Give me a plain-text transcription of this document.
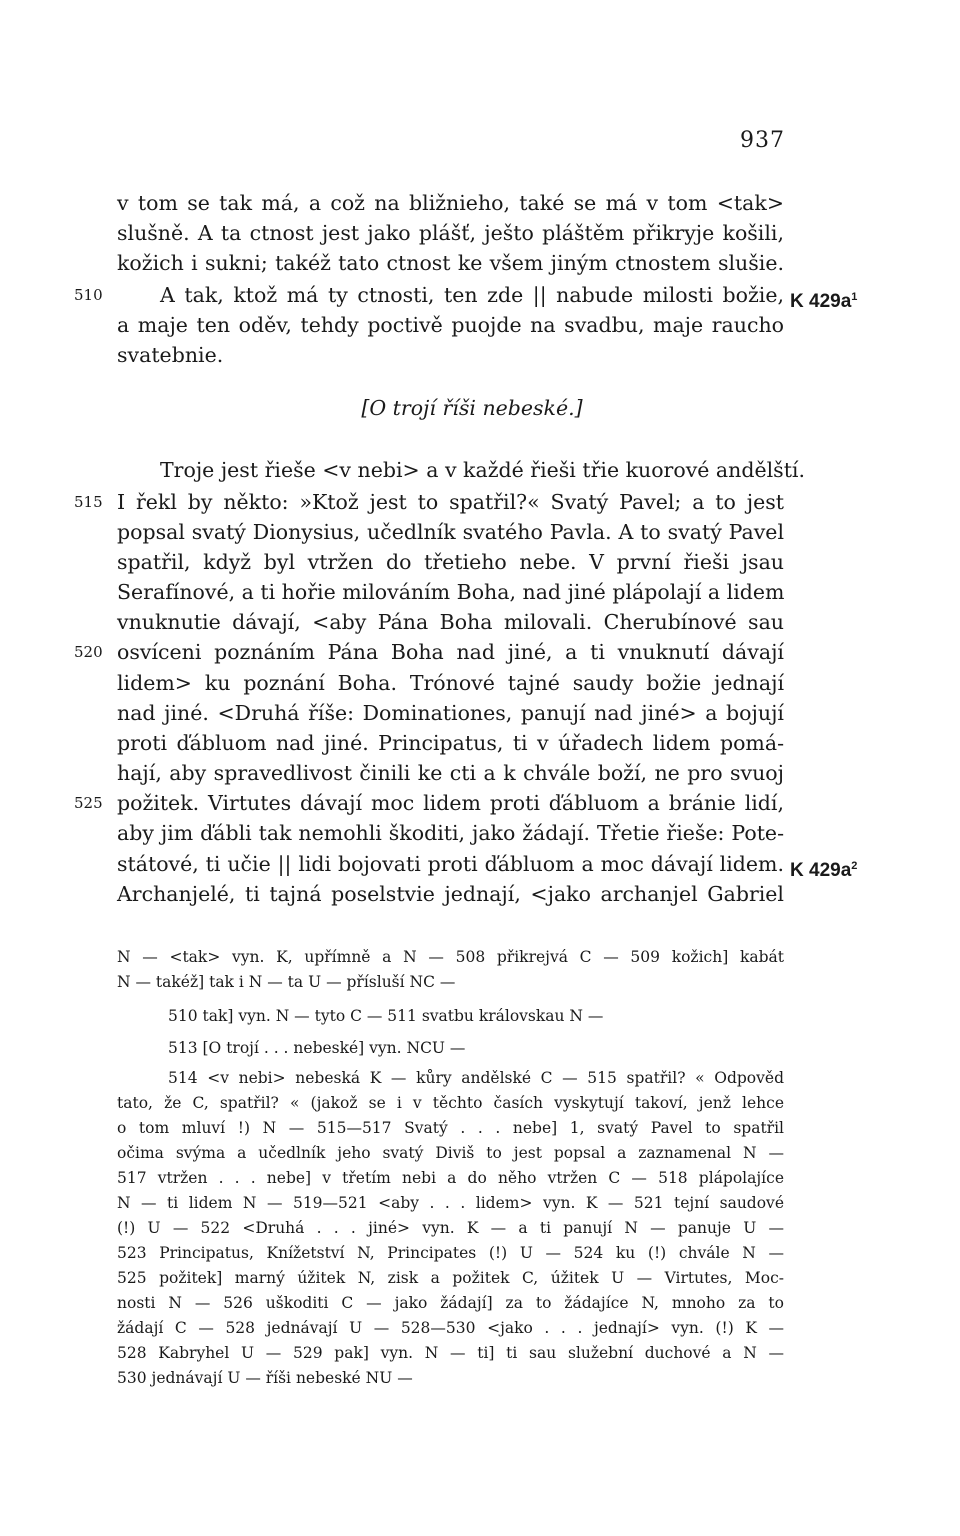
937
v tom se tak má, a což na bližnieho, také se má v tom <tak>
slušně. A ta ctnost jest jako plášť, ješto pláštěm přikryje košili,
kožich i sukni; takéž tato ctnost ke všem jiným ctnostem slušie.
A tak, ktož má ty ctnosti, ten zde || nabude milosti božie,
a maje ten oděv, tehdy poctivě puojde na svadbu, maje raucho
svatebnie.
[O trojí říši nebeské.]
Troje jest řieše <v nebi> a v každé řieši třie kuorové andělští.
I řekl by někto: »Ktož jest to spatřil?« Svatý Pavel; a to jest
popsal svatý Dionysius, učedlník svatého Pavla. A to svatý Pavel
spatřil, když byl vtržen do třetieho nebe. V první řieši jsau
Serafínové, a ti hořie milováním Boha, nad jiné plápolají a lidem
vnuknutie dávají, <aby Pána Boha milovali. Cherubínové sau
osvíceni poznáním Pána Boha nad jiné, a ti vnuknutí dávají
lidem> ku poznání Boha. Trónové tajné saudy božie jednají
nad jiné. <Druhá říše: Dominationes, panují nad jiné> a bojují
proti ďábluom nad jiné. Principatus, ti v úřadech lidem pomá-
hají, aby spravedlivost činili ke cti a k chvále boží, ne pro svuoj
požitek. Virtutes dávají moc lidem proti ďábluom a bránie lidí,
aby jim ďábli tak nemohli škoditi, jako žádají. Třetie řieše: Pote-
státové, ti učie || lidi bojovati proti ďábluom a moc dávají lidem.
Archanjelé, ti tajná poselstvie jednají, <jako archanjel Gabriel
510
515
520
525
K $429a^1$
K $429a^2$
N — <tak> vyn. K, upřímně a N — 508 přikrejvá C — 509 kožich] kabát
N — takéž] tak i N — ta U — přísluší NC —
510 tak] vyn. N — tyto C — 511 svatbu královskau N —
513 [O trojí . . . nebeské] vyn. NCU —
514 <v nebi> nebeská K — kůry andělské C — 515 spatřil? « Odpověd
tato, že C, spatřil? « (jakož se i v těchto časích vyskytují takoví, jenž lehce
o tom mluví !) N — 515—517 Svatý . . . nebe] 1, svatý Pavel to spatřil
očima svýma a učedlník jeho svatý Diviš to jest popsal a zaznamenal N —
517 vtržen . . . nebe] v třetím nebi a do něho vtržen C — 518 plápolajíce
N — ti lidem N — 519—521 <aby . . . lidem> vyn. K — 521 tejní saudové
(!) U — 522 <Druhá . . . jiné> vyn. K — a ti panují N — panuje U —
523 Principatus, Knížetství N, Principates (!) U — 524 ku (!) chvále N —
525 požitek] marný úžitek N, zisk a požitek C, úžitek U — Virtutes, Moc-
nosti N — 526 uškoditi C — jako žádají] za to žádajíce N, mnoho za to
žádají C — 528 jednávají U — 528—530 <jako . . . jednají> vyn. (!) K —
528 Kabryhel U — 529 pak] vyn. N — ti] ti sau služební duchové a N —
530 jednávají U — říši nebeské NU —
